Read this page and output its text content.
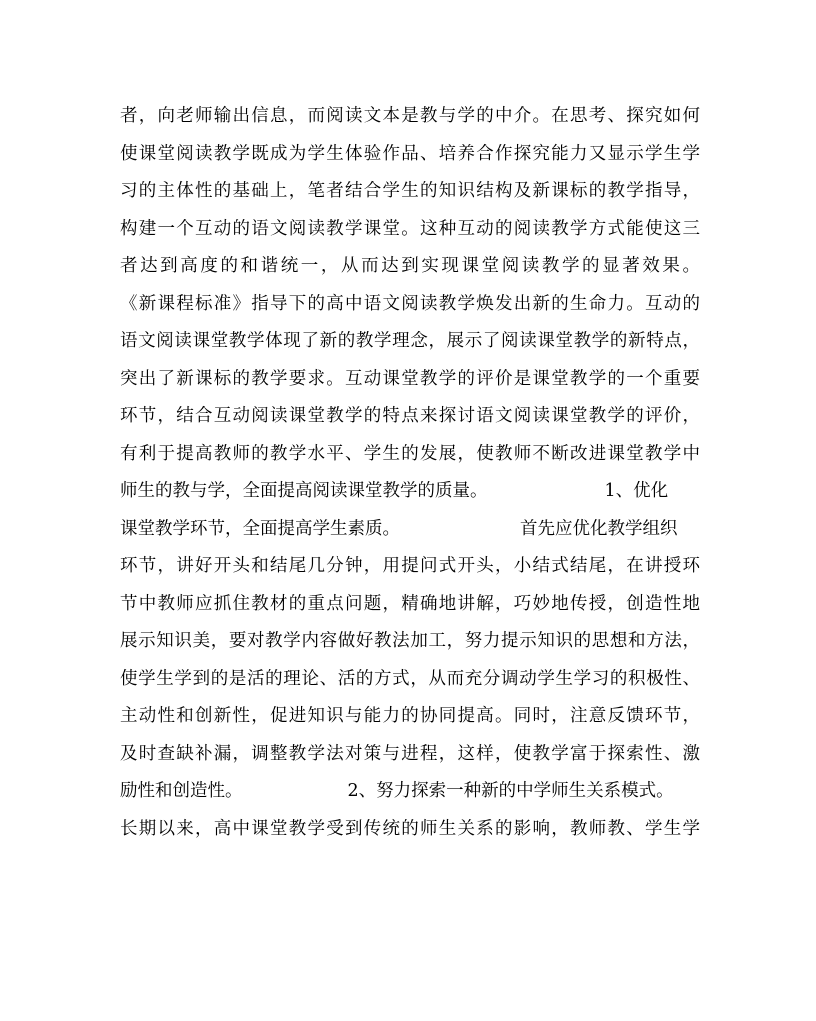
者，向老师输出信息，而阅读文本是教与学的中介。在思考、探究如何
使课堂阅读教学既成为学生体验作品、培养合作探究能力又显示学生学
习的主体性的基础上，笔者结合学生的知识结构及新课标的教学指导，
构建一个互动的语文阅读教学课堂。这种互动的阅读教学方式能使这三
者达到高度的和谐统一，从而达到实现课堂阅读教学的显著效果。
《新课程标准》指导下的高中语文阅读教学焕发出新的生命力。互动的
语文阅读课堂教学体现了新的教学理念，展示了阅读课堂教学的新特点，
突出了新课标的教学要求。互动课堂教学的评价是课堂教学的一个重要
环节，结合互动阅读课堂教学的特点来探讨语文阅读课堂教学的评价，
有利于提高教师的教学水平、学生的发展，使教师不断改进课堂教学中
师生的教与学，全面提高阅读课堂教学的质量。	1、优化
课堂教学环节，全面提高学生素质。	首先应优化教学组织
环节，讲好开头和结尾几分钟，用提问式开头，小结式结尾，在讲授环
节中教师应抓住教材的重点问题，精确地讲解，巧妙地传授，创造性地
展示知识美，要对教学内容做好教法加工，努力提示知识的思想和方法，
使学生学到的是活的理论、活的方式，从而充分调动学生学习的积极性、
主动性和创新性，促进知识与能力的协同提高。同时，注意反馈环节，
及时查缺补漏，调整教学法对策与进程，这样，使教学富于探索性、激
励性和创造性。	2、努力探索一种新的中学师生关系模式。
长期以来，高中课堂教学受到传统的师生关系的影响，教师教、学生学
